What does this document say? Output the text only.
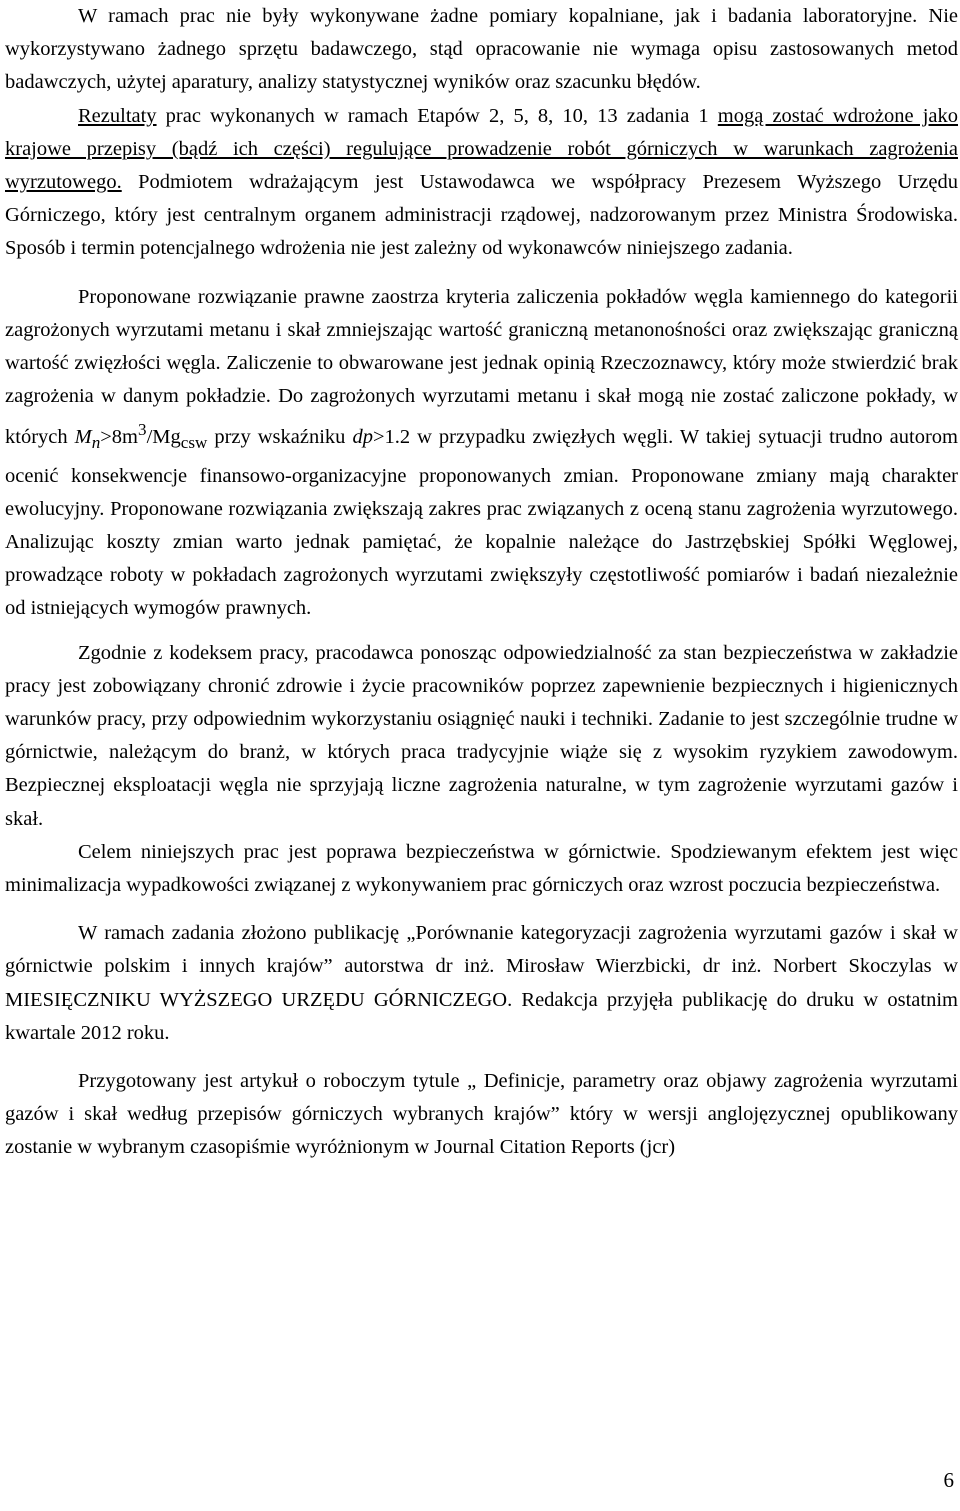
W ramach prac nie były wykonywane żadne pomiary kopalniane, jak i badania laboratoryjne. Nie wykorzystywano żadnego sprzętu badawczego, stąd opracowanie nie wymaga opisu zastosowanych metod badawczych, użytej aparatury, analizy statystycznej wyników oraz szacunku błędów.

Rezultaty prac wykonanych w ramach Etapów 2, 5, 8, 10, 13 zadania 1 mogą zostać wdrożone jako krajowe przepisy (bądź ich części) regulujące prowadzenie robót górniczych w warunkach zagrożenia wyrzutowego. Podmiotem wdrażającym jest Ustawodawca we współpracy Prezesem Wyższego Urzędu Górniczego, który jest centralnym organem administracji rządowej, nadzorowanym przez Ministra Środowiska. Sposób i termin potencjalnego wdrożenia nie jest zależny od wykonawców niniejszego zadania.

Proponowane rozwiązanie prawne zaostrza kryteria zaliczenia pokładów węgla kamiennego do kategorii zagrożonych wyrzutami metanu i skał zmniejszając wartość graniczną metanonośności oraz zwiększając graniczną wartość zwięzłości węgla. Zaliczenie to obwarowane jest jednak opinią Rzeczoznawcy, który może stwierdzić brak zagrożenia w danym pokładzie. Do zagrożonych wyrzutami metanu i skał mogą nie zostać zaliczone pokłady, w których $M_n>8m^3/Mg_{csw}$ przy wskaźniku dp>1.2 w przypadku zwięzłych węgli. W takiej sytuacji trudno autorom ocenić konsekwencje finansowo-organizacyjne proponowanych zmian. Proponowane zmiany mają charakter ewolucyjny. Proponowane rozwiązania zwiększają zakres prac związanych z oceną stanu zagrożenia wyrzutowego. Analizując koszty zmian warto jednak pamiętać, że kopalnie należące do Jastrzębskiej Spółki Węglowej, prowadzące roboty w pokładach zagrożonych wyrzutami zwiększyły częstotliwość pomiarów i badań niezależnie od istniejących wymogów prawnych.

Zgodnie z kodeksem pracy, pracodawca ponosząc odpowiedzialność za stan bezpieczeństwa w zakładzie pracy jest zobowiązany chronić zdrowie i życie pracowników poprzez zapewnienie bezpiecznych i higienicznych warunków pracy, przy odpowiednim wykorzystaniu osiągnięć nauki i techniki. Zadanie to jest szczególnie trudne w górnictwie, należącym do branż, w których praca tradycyjnie wiąże się z wysokim ryzykiem zawodowym. Bezpiecznej eksploatacji węgla nie sprzyjają liczne zagrożenia naturalne, w tym zagrożenie wyrzutami gazów i skał.

Celem niniejszych prac jest poprawa bezpieczeństwa w górnictwie. Spodziewanym efektem jest więc minimalizacja wypadkowości związanej z wykonywaniem prac górniczych oraz wzrost poczucia bezpieczeństwa.

W ramach zadania złożono publikację „Porównanie kategoryzacji zagrożenia wyrzutami gazów i skał w górnictwie polskim i innych krajów” autorstwa dr inż. Mirosław Wierzbicki, dr inż. Norbert Skoczylas w MIESIĘCZNIKU WYŻSZEGO URZĘDU GÓRNICZEGO. Redakcja przyjęła publikację do druku w ostatnim kwartale 2012 roku.

Przygotowany jest artykuł o roboczym tytule „ Definicje, parametry oraz objawy zagrożenia wyrzutami gazów i skał według przepisów górniczych wybranych krajów” który w wersji anglojęzycznej opublikowany zostanie w wybranym czasopiśmie wyróżnionym w Journal Citation Reports (jcr)

6
